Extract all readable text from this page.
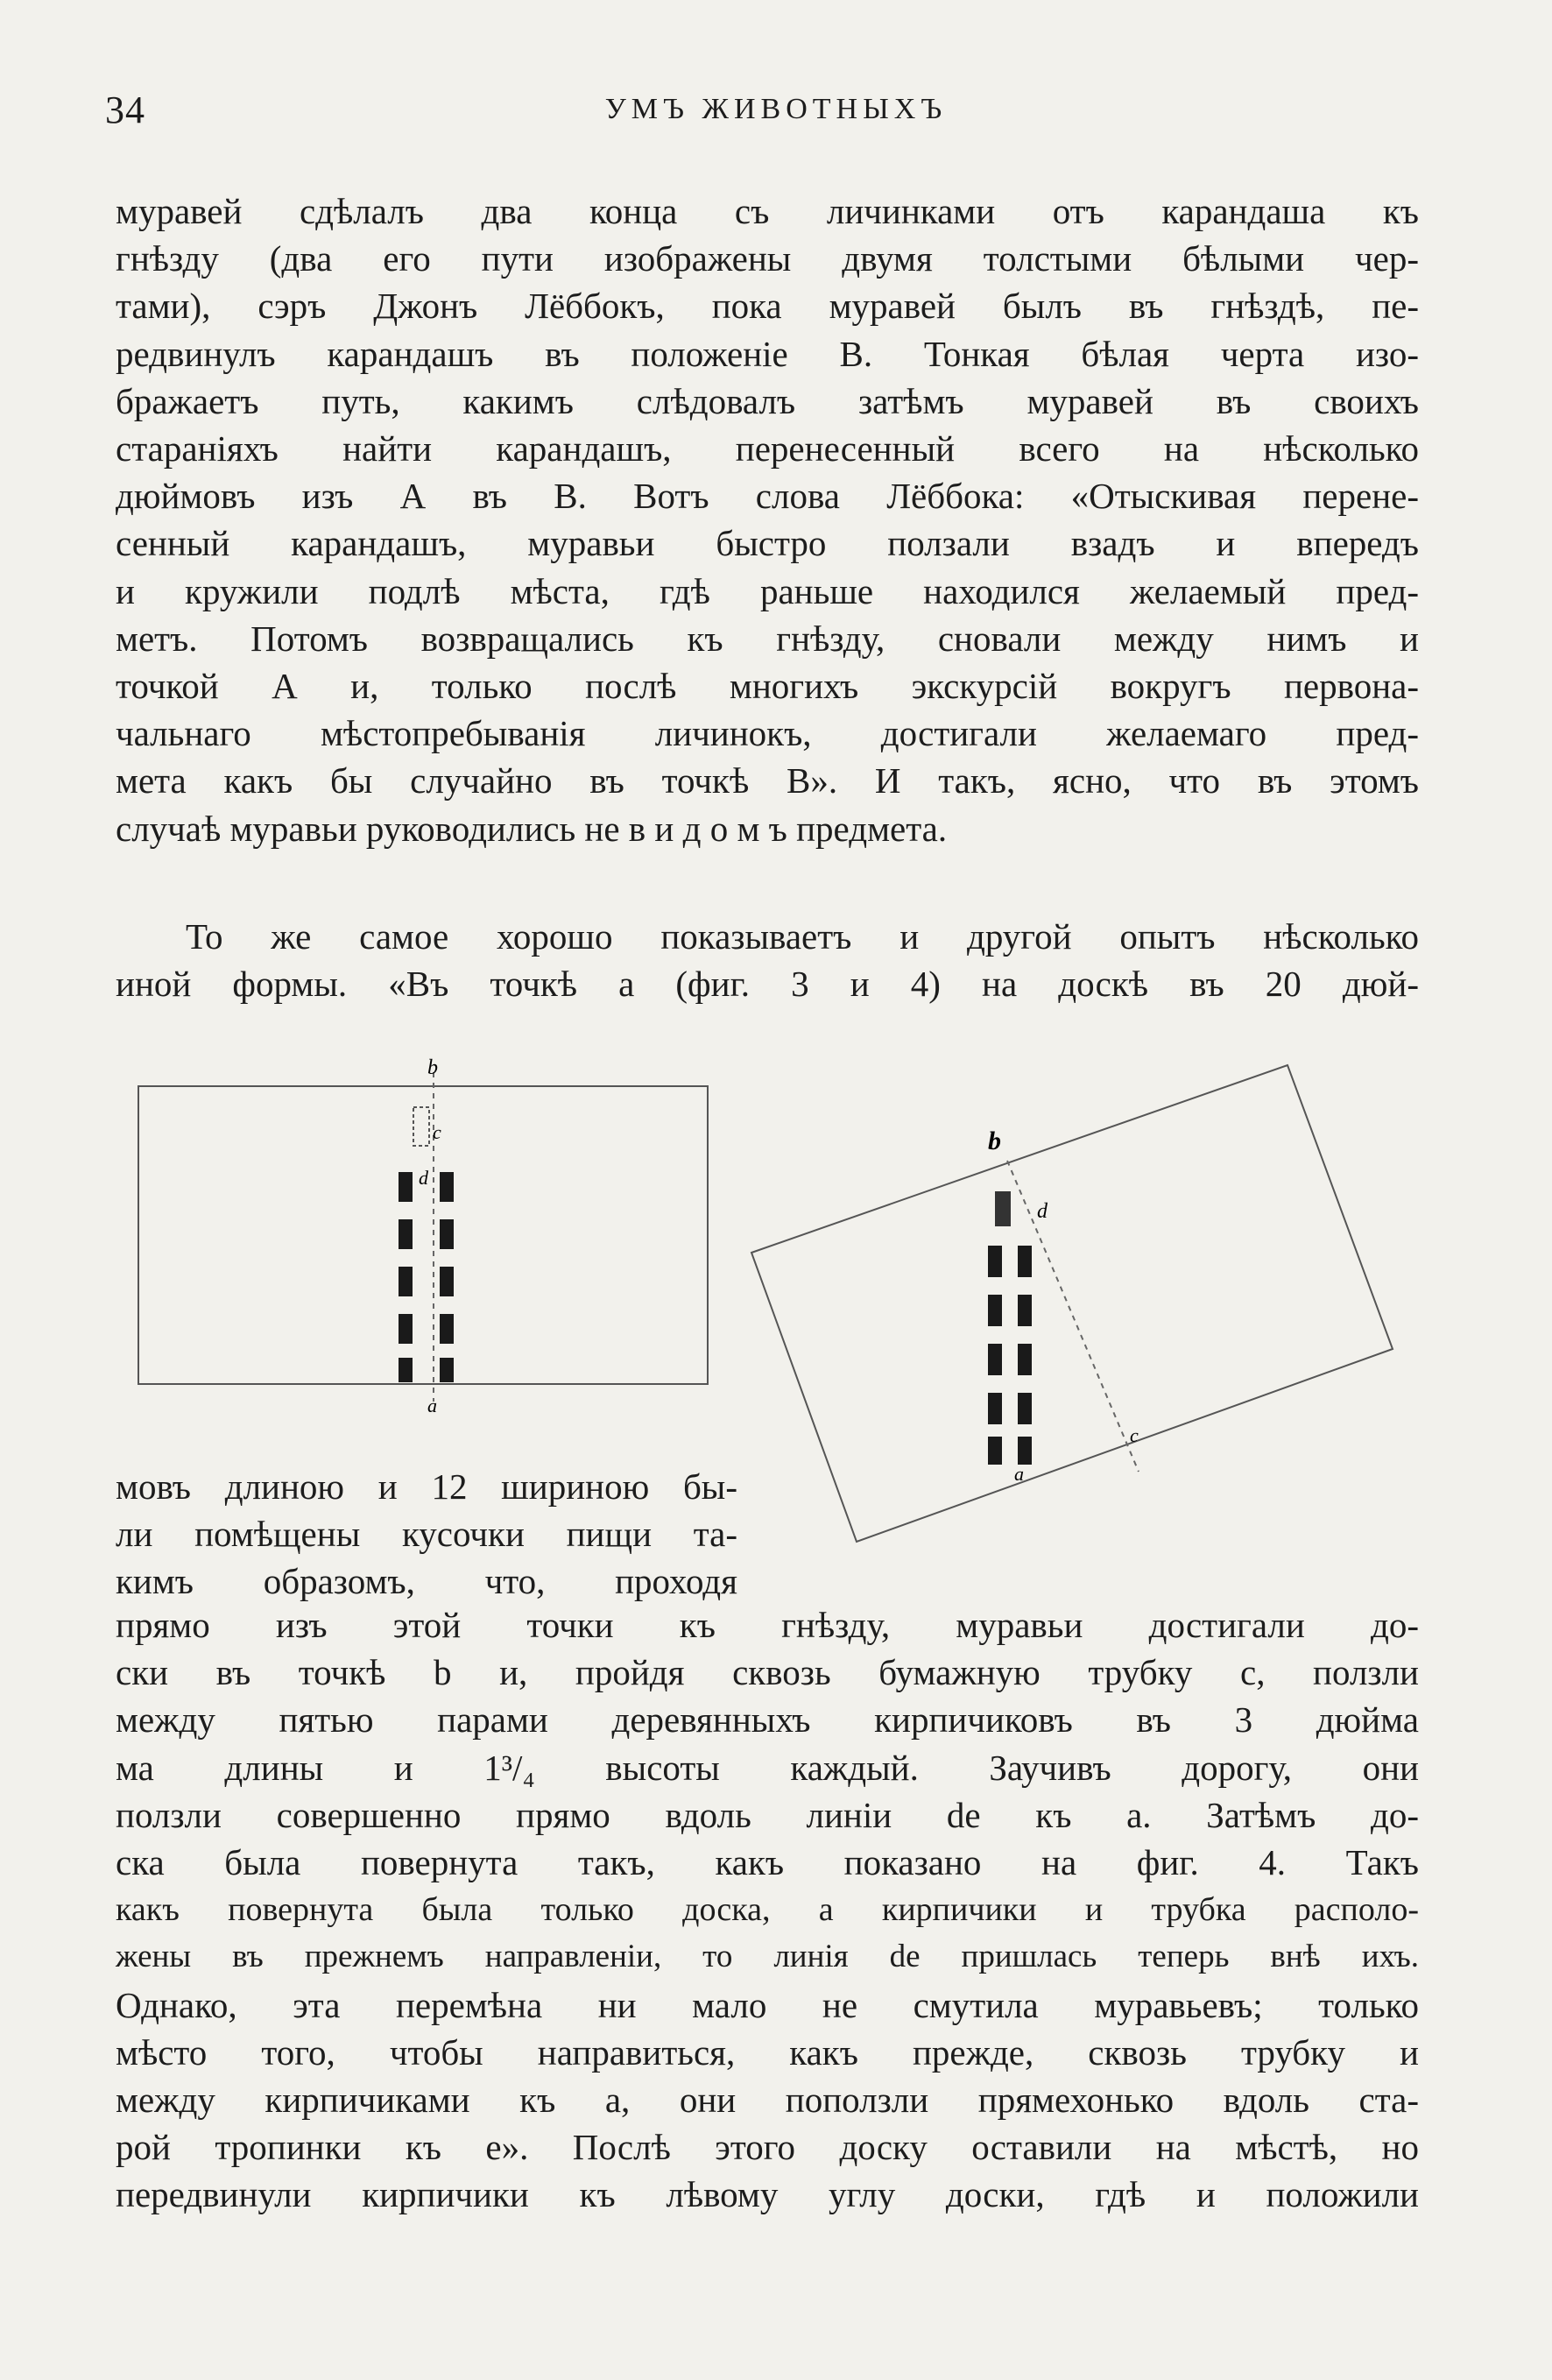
34	УМЪ ЖИВОТНЫХЪ
муравей сдѣлалъ два конца съ личинками отъ карандаша къ
гнѣзду (два его пути изображены двумя толстыми бѣлыми чер-
тами), сэръ Джонъ Лёббокъ, пока муравей былъ въ гнѣздѣ, пе-
редвинулъ карандашъ въ положеніе В. Тонкая бѣлая черта изо-
бражаетъ путь, какимъ слѣдовалъ затѣмъ муравей въ своихъ
стараніяхъ найти карандашъ, перенесенный всего на нѣсколько
дюймовъ изъ А въ В. Вотъ слова Лёббока: «Отыскивая перене-
сенный карандашъ, муравьи быстро ползали взадъ и впередъ
и кружили подлѣ мѣста, гдѣ раньше находился желаемый пред-
метъ. Потомъ возвращались къ гнѣзду, сновали между нимъ и
точкой А и, только послѣ многихъ экскурсій вокругъ первона-
чальнаго мѣстопребыванія личинокъ, достигали желаемаго пред-
мета какъ бы случайно въ точкѣ В». И такъ, ясно, что въ этомъ
случаѣ муравьи руководились не в и д о м ъ предмета.
То же самое хорошо показываетъ и другой опытъ нѣсколько
иной формы. «Въ точкѣ а (фиг. 3 и 4) на доскѣ въ 20 дюй-
b
c
d
a
b
d
c
a
мовъ длиною и 12 шириною бы-
ли помѣщены кусочки пищи та-
кимъ образомъ, что, проходя
прямо изъ этой точки къ гнѣзду, муравьи достигали до-
ски въ точкѣ b и, пройдя сквозь бумажную трубку с, ползли
между пятью парами деревянныхъ кирпичиковъ въ 3 дюйма
ма длины и 1³/₄ высоты каждый. Заучивъ дорогу, они
ползли совершенно прямо вдоль линіи de къ а. Затѣмъ до-
ска была повернута такъ, какъ показано на фиг. 4. Такъ
какъ повернута была только доска, а кирпичики и трубка располо-
жены въ прежнемъ направленіи, то линія de пришлась теперь внѣ ихъ.
Однако, эта перемѣна ни мало не смутила муравьевъ; только
мѣсто того, чтобы направиться, какъ прежде, сквозь трубку и
между кирпичиками къ а, они поползли прямехонько вдоль ста-
рой тропинки къ е». Послѣ этого доску оставили на мѣстѣ, но
передвинули кирпичики къ лѣвому углу доски, гдѣ и положили
